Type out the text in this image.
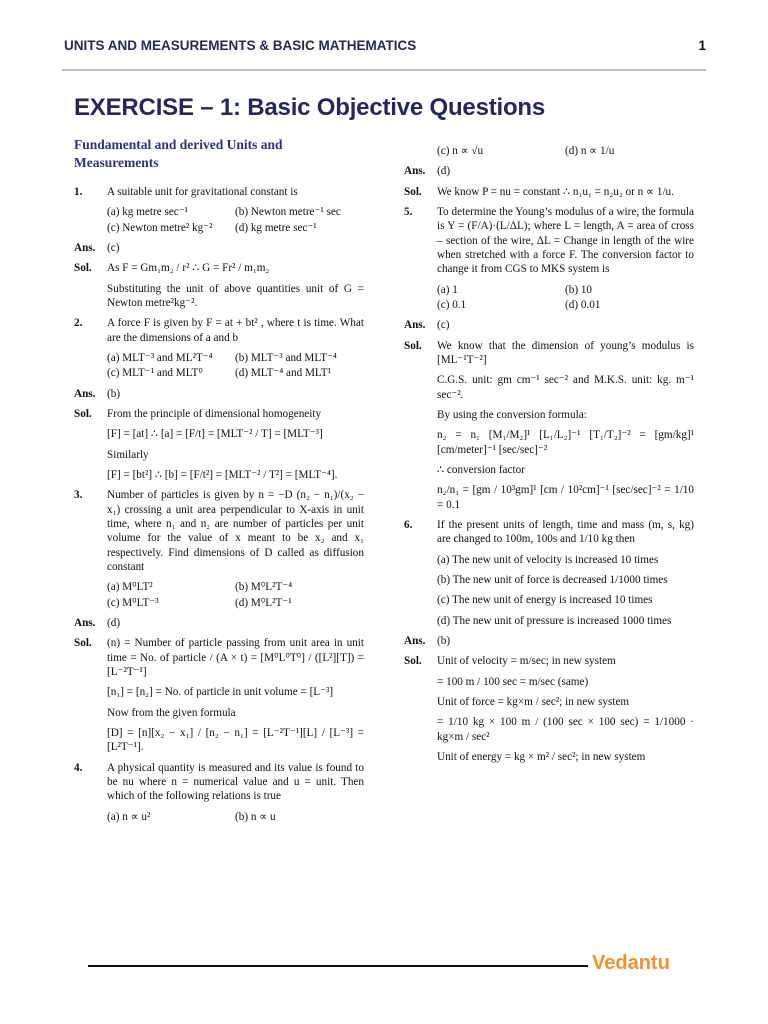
UNITS AND MEASUREMENTS & BASIC MATHEMATICS	1
EXERCISE – 1: Basic Objective Questions
Fundamental and derived Units and Measurements
1.	A suitable unit for gravitational constant is
(a) kg metre sec⁻¹	(b) Newton metre⁻¹ sec
(c) Newton metre² kg⁻²	(d) kg metre sec⁻¹
Ans.	(c)
Sol.	As F = Gm₁m₂ / r² ∴ G = Fr² / m₁m₂
Substituting the unit of above quantities unit of G = Newton metre²kg⁻².
2.	A force F is given by F = at + bt² , where t is time. What are the dimensions of a and b
(a) MLT⁻³ and ML²T⁻⁴	(b) MLT⁻³ and MLT⁻⁴
(c) MLT⁻¹ and MLT⁰	(d) MLT⁻⁴ and MLT¹
Ans.	(b)
Sol.	From the principle of dimensional homogeneity
[F] = [at] ∴ [a] = [F/t] = [MLT⁻² / T] = [MLT⁻³]
Similarly
[F] = [bt²] ∴ [b] = [F/t²] = [MLT⁻² / T²] = [MLT⁻⁴].
3.	Number of particles is given by n = −D (n₂ − n₁)/(x₂ − x₁) crossing a unit area perpendicular to X-axis in unit time, where n₁ and n₂ are number of particles per unit volume for the value of x meant to be x₂ and x₁ respectively. Find dimensions of D called as diffusion constant
(a) M⁰LT²	(b) M⁰L²T⁻⁴
(c) M⁰LT⁻³	(d) M⁰L²T⁻¹
Ans.	(d)
Sol.	(n) = Number of particle passing from unit area in unit time = No. of particle / (A × t) = [M⁰L⁰T⁰] / ([L²][T]) = [L⁻²T⁻¹]
[n₁] = [n₂] = No. of particle in unit volume = [L⁻³]
Now from the given formula
[D] = [n][x₂ − x₁] / [n₂ − n₁] = [L⁻²T⁻¹][L] / [L⁻³] = [L²T⁻¹].
4.	A physical quantity is measured and its value is found to be nu where n = numerical value and u = unit. Then which of the following relations is true
(a) n ∝ u²	(b) n ∝ u
(c) n ∝ √u	(d) n ∝ 1/u
Ans.	(d)
Sol.	We know P = nu = constant ∴ n₁u₁ = n₂u₂ or n ∝ 1/u.
5.	To determine the Young’s modulus of a wire, the formula is Y = (F/A)·(L/ΔL); where L = length, A = area of cross – section of the wire, ΔL = Change in length of the wire when stretched with a force F. The conversion factor to change it from CGS to MKS system is
(a) 1	(b) 10
(c) 0.1	(d) 0.01
Ans.	(c)
Sol.	We know that the dimension of young’s modulus is [ML⁻¹T⁻²]
C.G.S. unit: gm cm⁻¹ sec⁻² and M.K.S. unit: kg. m⁻¹ sec⁻².
By using the conversion formula:
n₂ = n₁ [M₁/M₂]¹ [L₁/L₂]⁻¹ [T₁/T₂]⁻² = [gm/kg]¹ [cm/meter]⁻¹ [sec/sec]⁻²
∴ conversion factor
n₂/n₁ = [gm / 10³gm]¹ [cm / 10²cm]⁻¹ [sec/sec]⁻² = 1/10 = 0.1
6.	If the present units of length, time and mass (m, s, kg) are changed to 100m, 100s and 1/10 kg then
(a) The new unit of velocity is increased 10 times
(b) The new unit of force is decreased 1/1000 times
(c) The new unit of energy is increased 10 times
(d) The new unit of pressure is increased 1000 times
Ans.	(b)
Sol.	Unit of velocity = m/sec; in new system
= 100 m / 100 sec = m/sec (same)
Unit of force = kg×m / sec²; in new system
= 1/10 kg × 100 m / (100 sec × 100 sec) = 1/1000 · kg×m / sec²
Unit of energy = kg × m² / sec²; in new system
Vedantu
